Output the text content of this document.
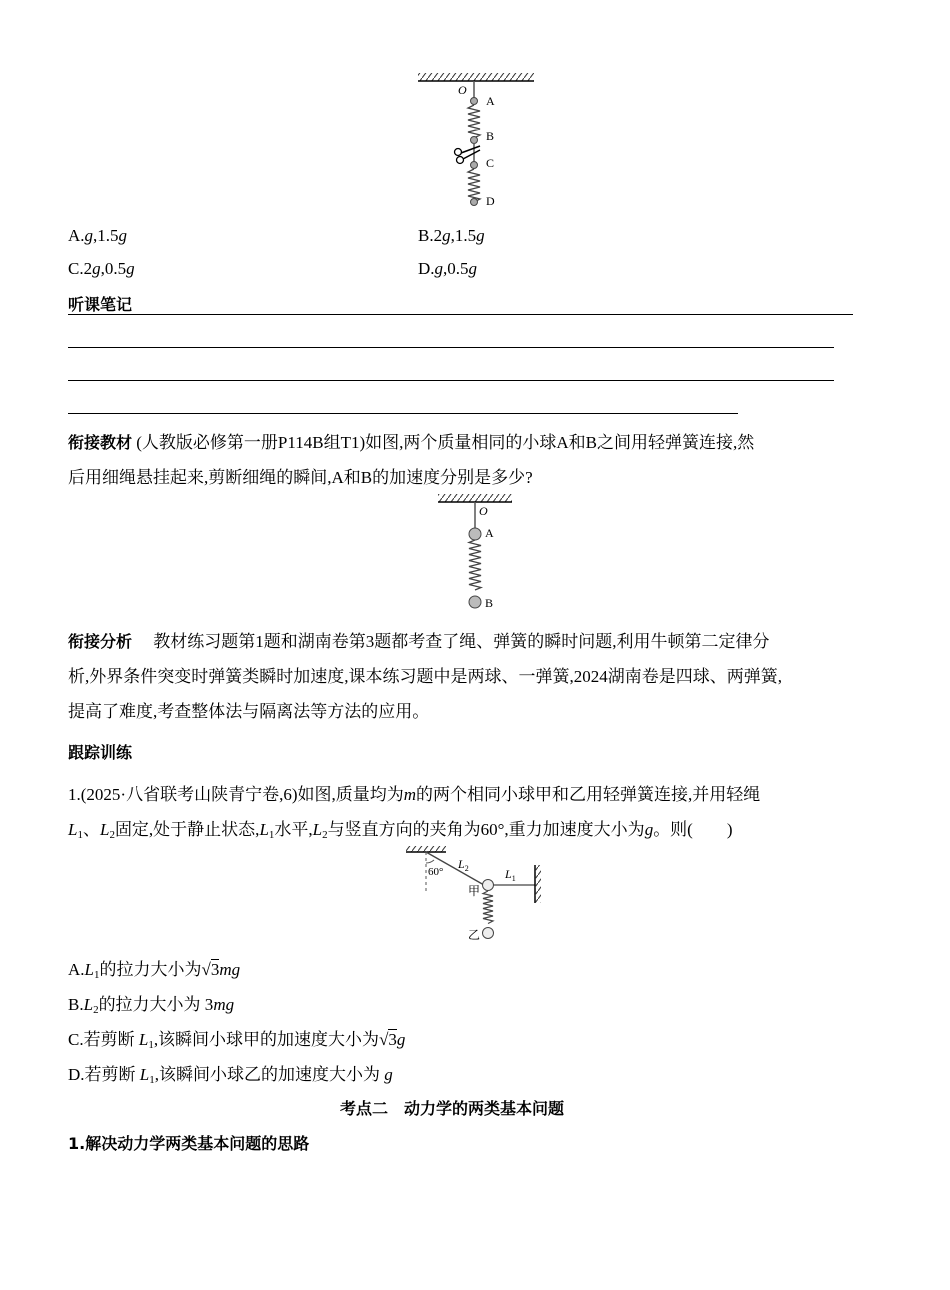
O
A
B
C
D
A.g,1.5g	B.2g,1.5g
C.2g,0.5g	D.g,0.5g
听课笔记
衔接教材 (人教版必修第一册P114B组T1)如图,两个质量相同的小球A和B之间用轻弹簧连接,然
后用细绳悬挂起来,剪断细绳的瞬间,A和B的加速度分别是多少?
O
A
B
衔接分析　 教材练习题第1题和湖南卷第3题都考查了绳、弹簧的瞬时问题,利用牛顿第二定律分
析,外界条件突变时弹簧类瞬时加速度,课本练习题中是两球、一弹簧,2024湖南卷是四球、两弹簧,
提高了难度,考查整体法与隔离法等方法的应用。
跟踪训练
1.(2025·八省联考山陕青宁卷,6)如图,质量均为m的两个相同小球甲和乙用轻弹簧连接,并用轻绳
$L_1$、$L_2$固定,处于静止状态$,L_1$水平$,L_2$与竖直方向的夹角为60°,重力加速度大小为g。则(　　)
60°
$L_2$	$L_1$
甲
乙
$A.L_1$的拉力大小为√3mg
$B.L_2$的拉力大小为 3mg
C.若剪断 $L_1$,该瞬间小球甲的加速度大小为√3g
D.若剪断 $L_1$,该瞬间小球乙的加速度大小为 g
考点二　动力学的两类基本问题
1.解决动力学两类基本问题的思路
